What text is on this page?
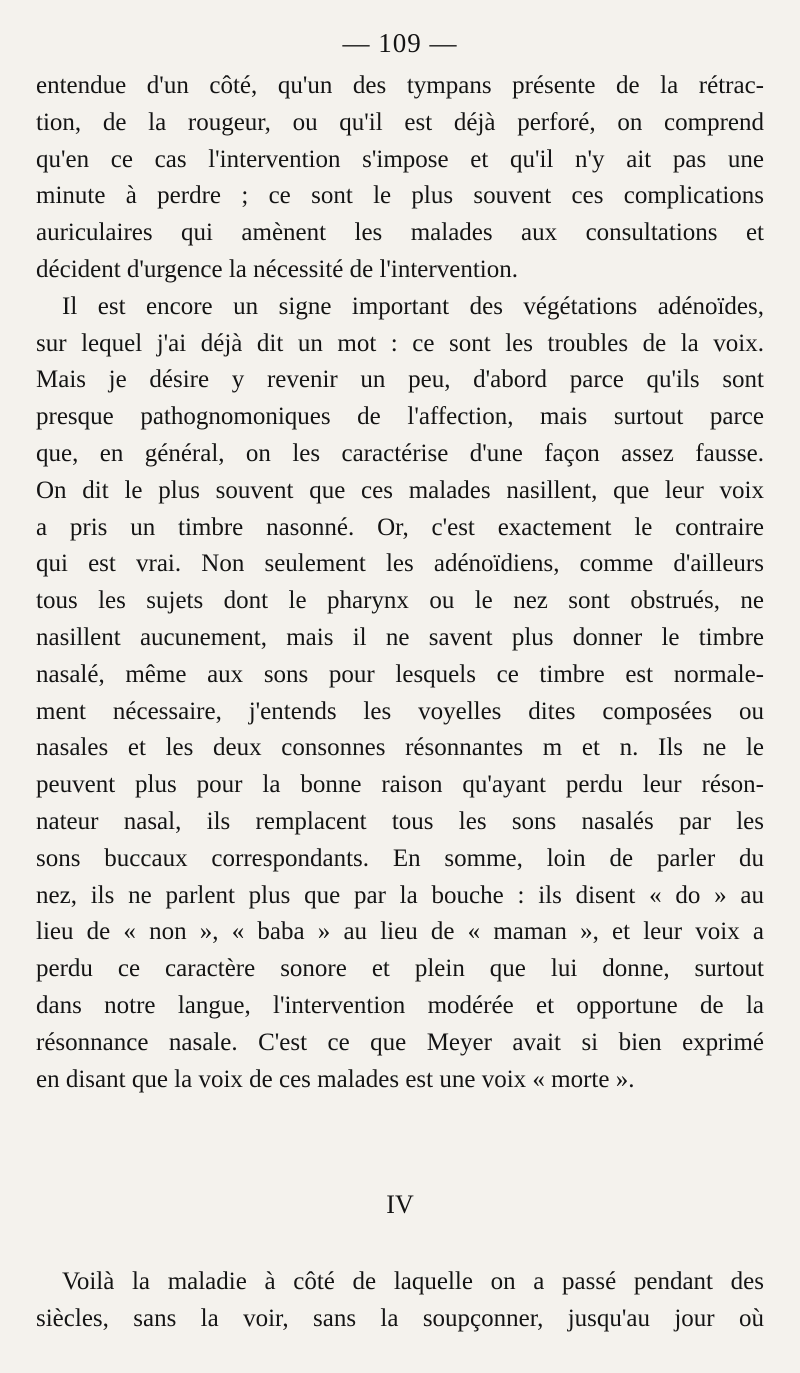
— 109 —
entendue d'un côté, qu'un des tympans présente de la rétrac-
tion, de la rougeur, ou qu'il est déjà perforé, on comprend
qu'en ce cas l'intervention s'impose et qu'il n'y ait pas une
minute à perdre ; ce sont le plus souvent ces complications
auriculaires qui amènent les malades aux consultations et
décident d'urgence la nécessité de l'intervention.
Il est encore un signe important des végétations adénoïdes,
sur lequel j'ai déjà dit un mot : ce sont les troubles de la voix.
Mais je désire y revenir un peu, d'abord parce qu'ils sont
presque pathognomoniques de l'affection, mais surtout parce
que, en général, on les caractérise d'une façon assez fausse.
On dit le plus souvent que ces malades nasillent, que leur voix
a pris un timbre nasonné. Or, c'est exactement le contraire
qui est vrai. Non seulement les adénoïdiens, comme d'ailleurs
tous les sujets dont le pharynx ou le nez sont obstrués, ne
nasillent aucunement, mais il ne savent plus donner le timbre
nasalé, même aux sons pour lesquels ce timbre est normale-
ment nécessaire, j'entends les voyelles dites composées ou
nasales et les deux consonnes résonnantes m et n. Ils ne le
peuvent plus pour la bonne raison qu'ayant perdu leur réson-
nateur nasal, ils remplacent tous les sons nasalés par les
sons buccaux correspondants. En somme, loin de parler du
nez, ils ne parlent plus que par la bouche : ils disent « do » au
lieu de « non », « baba » au lieu de « maman », et leur voix a
perdu ce caractère sonore et plein que lui donne, surtout
dans notre langue, l'intervention modérée et opportune de la
résonnance nasale. C'est ce que Meyer avait si bien exprimé
en disant que la voix de ces malades est une voix « morte ».
IV
Voilà la maladie à côté de laquelle on a passé pendant des
siècles, sans la voir, sans la soupçonner, jusqu'au jour où
